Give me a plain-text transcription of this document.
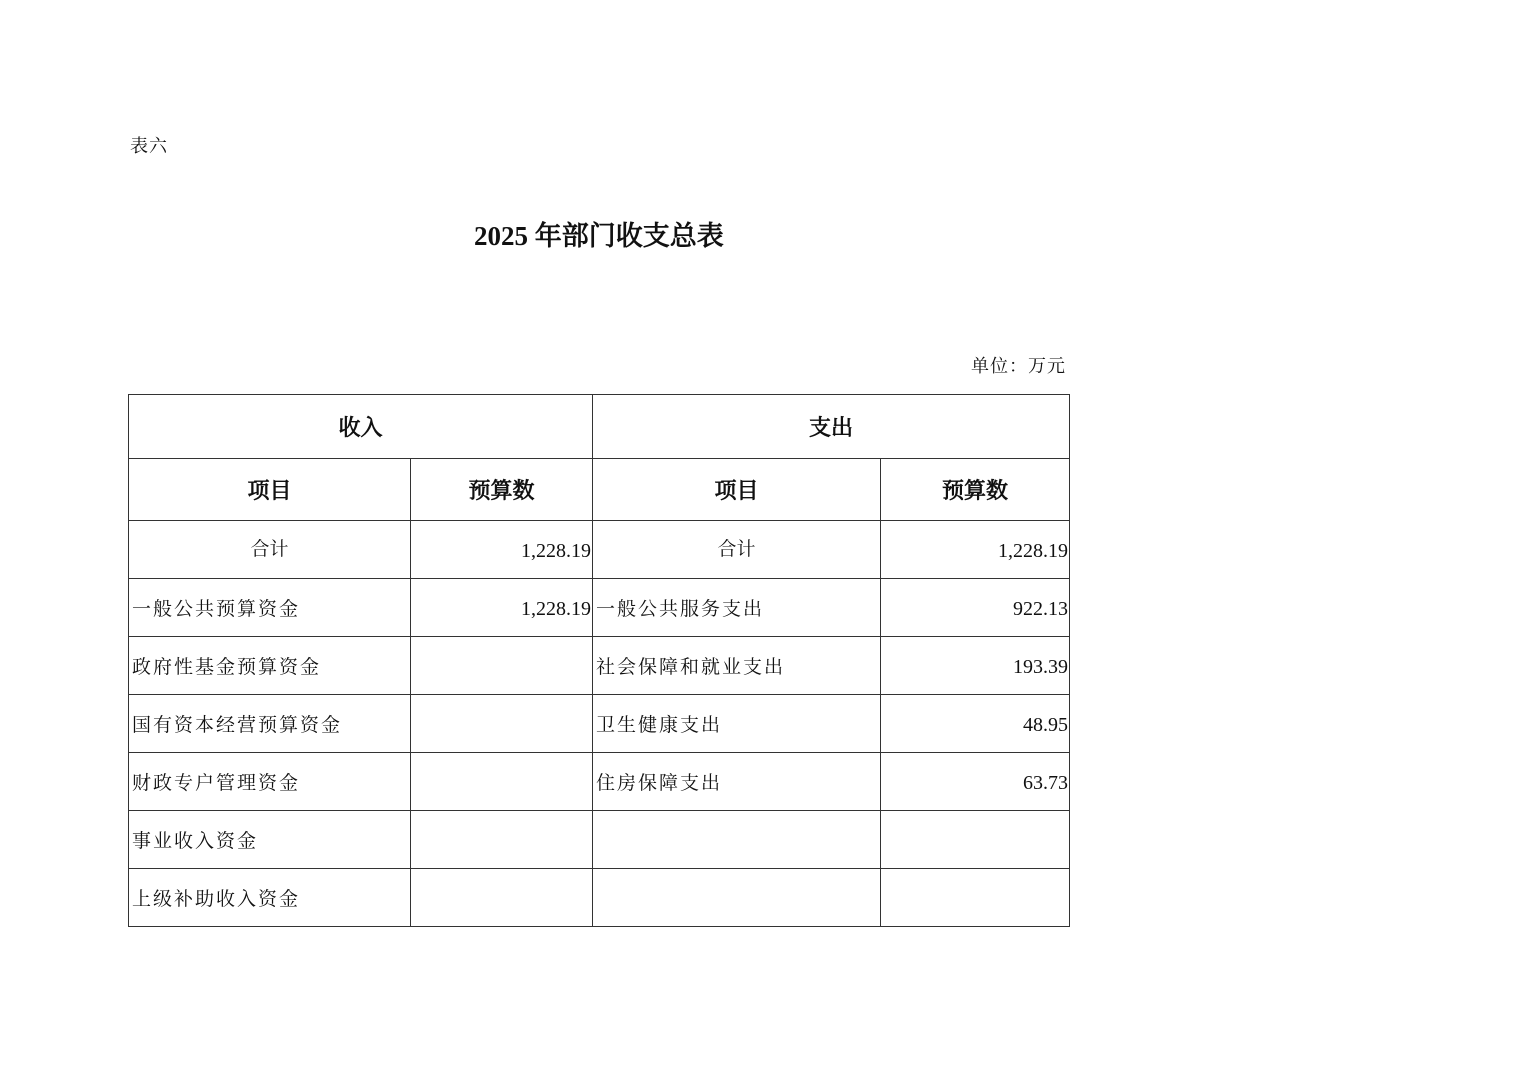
表六
2025 年部门收支总表
单位：万元
收入		支出	
项目	预算数	项目	预算数
合计	1,228.19	合计	1,228.19
一般公共预算资金	1,228.19	一般公共服务支出	922.13
政府性基金预算资金		社会保障和就业支出	193.39
国有资本经营预算资金		卫生健康支出	48.95
财政专户管理资金		住房保障支出	63.73
事业收入资金			
上级补助收入资金			
